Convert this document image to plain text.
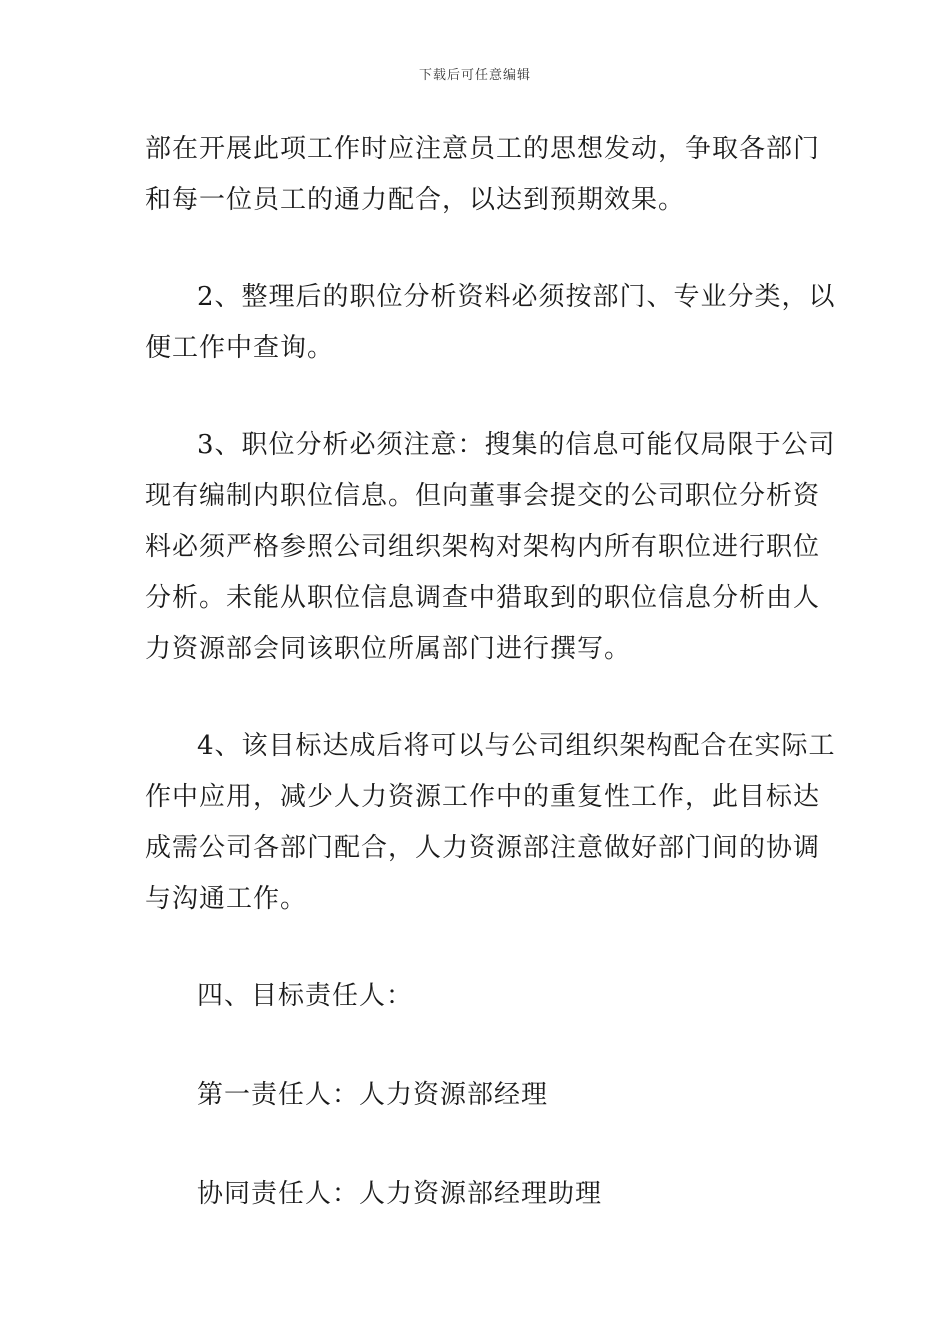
下载后可任意编辑

部在开展此项工作时应注意员工的思想发动，争取各部门
和每一位员工的通力配合，以达到预期效果。

2、整理后的职位分析资料必须按部门、专业分类，以
便工作中查询。

3、职位分析必须注意：搜集的信息可能仅局限于公司
现有编制内职位信息。但向董事会提交的公司职位分析资
料必须严格参照公司组织架构对架构内所有职位进行职位
分析。未能从职位信息调查中猎取到的职位信息分析由人
力资源部会同该职位所属部门进行撰写。

4、该目标达成后将可以与公司组织架构配合在实际工
作中应用，减少人力资源工作中的重复性工作，此目标达
成需公司各部门配合，人力资源部注意做好部门间的协调
与沟通工作。

四、目标责任人：

第一责任人：人力资源部经理

协同责任人：人力资源部经理助理
